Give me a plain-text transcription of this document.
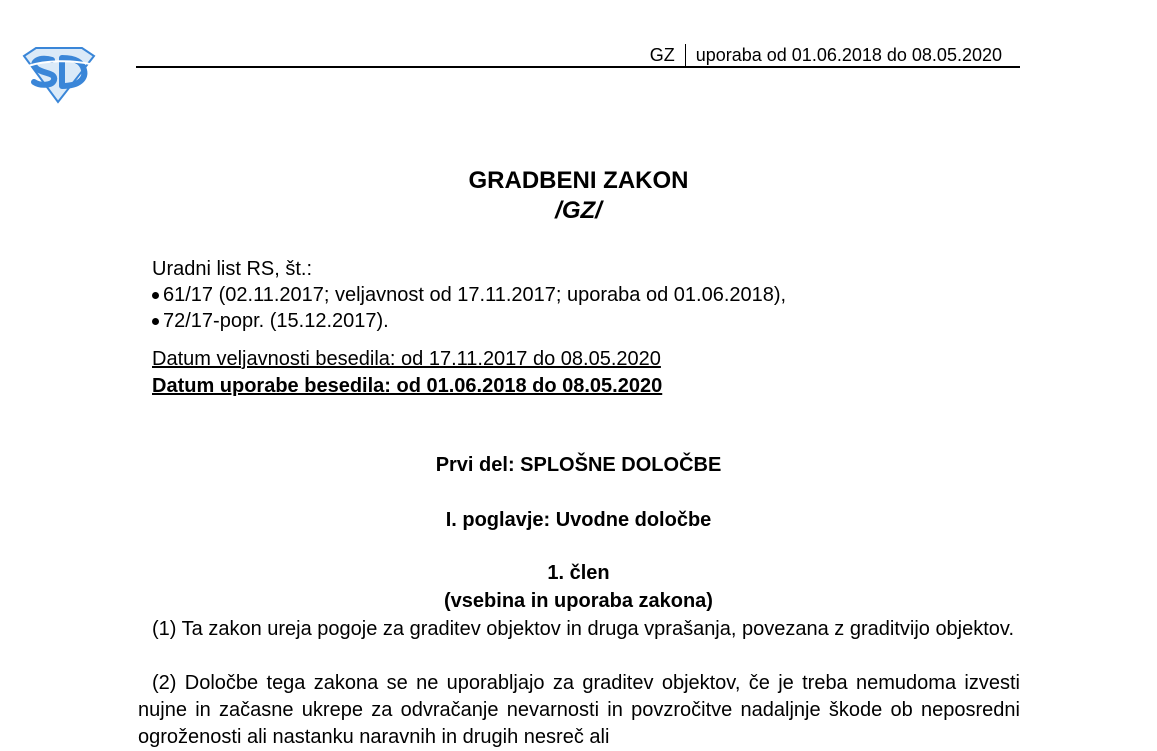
GZ uporaba od 01.06.2018 do 08.05.2020
GRADBENI ZAKON
/GZ/
Uradni list RS, št.:
61/17 (02.11.2017; veljavnost od 17.11.2017; uporaba od 01.06.2018),
72/17-popr. (15.12.2017).
Datum veljavnosti besedila: od 17.11.2017 do 08.05.2020
Datum uporabe besedila: od 01.06.2018 do 08.05.2020
Prvi del: SPLOŠNE DOLOČBE
I. poglavje: Uvodne določbe
1. člen
(vsebina in uporaba zakona)
(1) Ta zakon ureja pogoje za graditev objektov in druga vprašanja, povezana z graditvijo objektov.
(2) Določbe tega zakona se ne uporabljajo za graditev objektov, če je treba nemudoma izvesti nujne in začasne ukrepe za odvračanje nevarnosti in povzročitve nadaljnje škode ob neposredni ogroženosti ali nastanku naravnih in drugih nesreč ali
